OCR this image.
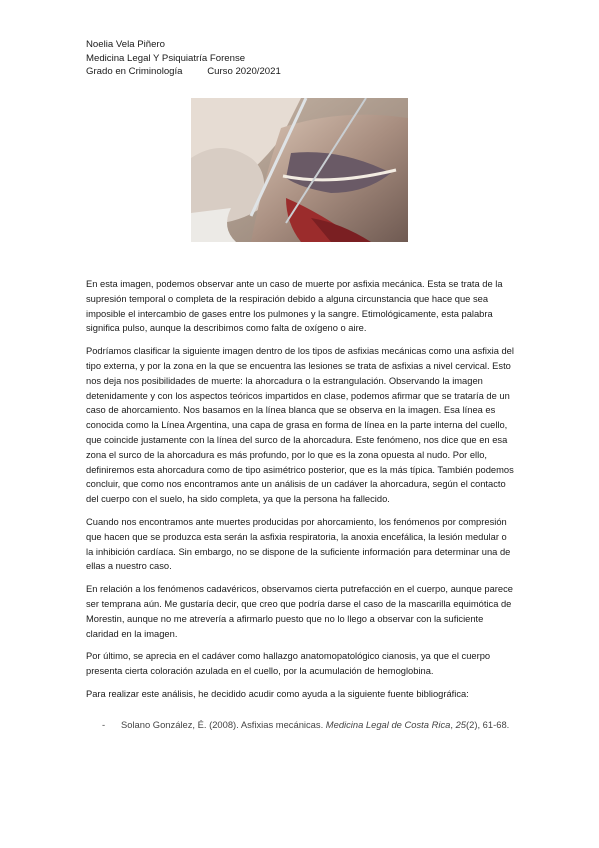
Noelia Vela Piñero
Medicina Legal Y Psiquiatría Forense
Grado en Criminología	Curso 2020/2021

En esta imagen, podemos observar ante un caso de muerte por asfixia mecánica. Esta se trata de la supresión temporal o completa de la respiración debido a alguna circunstancia que hace que sea imposible el intercambio de gases entre los pulmones y la sangre. Etimológicamente, esta palabra significa pulso, aunque la describimos como falta de oxígeno o aire.

Podríamos clasificar la siguiente imagen dentro de los tipos de asfixias mecánicas como una asfixia del tipo externa, y por la zona en la que se encuentra las lesiones se trata de asfixias a nivel cervical. Esto nos deja nos posibilidades de muerte: la ahorcadura o la estrangulación. Observando la imagen detenidamente y con los aspectos teóricos impartidos en clase, podemos afirmar que se trataría de un caso de ahorcamiento. Nos basamos en la línea blanca que se observa en la imagen. Esa línea es conocida como la Línea Argentina, una capa de grasa en forma de línea en la parte interna del cuello, que coincide justamente con la línea del surco de la ahorcadura. Este fenómeno, nos dice que en esa zona el surco de la ahorcadura es más profundo, por lo que es la zona opuesta al nudo. Por ello, definiremos esta ahorcadura como de tipo asimétrico posterior, que es la más típica. También podemos concluir, que como nos encontramos ante un análisis de un cadáver la ahorcadura, según el contacto del cuerpo con el suelo, ha sido completa, ya que la persona ha fallecido.

Cuando nos encontramos ante muertes producidas por ahorcamiento, los fenómenos por compresión que hacen que se produzca esta serán la asfixia respiratoria, la anoxia encefálica, la lesión medular o la inhibición cardíaca. Sin embargo, no se dispone de la suficiente información para determinar una de ellas a nuestro caso.

En relación a los fenómenos cadavéricos, observamos cierta putrefacción en el cuerpo, aunque parece ser temprana aún. Me gustaría decir, que creo que podría darse el caso de la mascarilla equimótica de Morestin, aunque no me atrevería a afirmarlo puesto que no lo llego a observar con la suficiente claridad en la imagen.

Por último, se aprecia en el cadáver como hallazgo anatomopatológico cianosis, ya que el cuerpo presenta cierta coloración azulada en el cuello, por la acumulación de hemoglobina.

Para realizar este análisis, he decidido acudir como ayuda a la siguiente fuente bibliográfica:

- Solano González, É. (2008). Asfixias mecánicas. Medicina Legal de Costa Rica, 25(2), 61-68.
